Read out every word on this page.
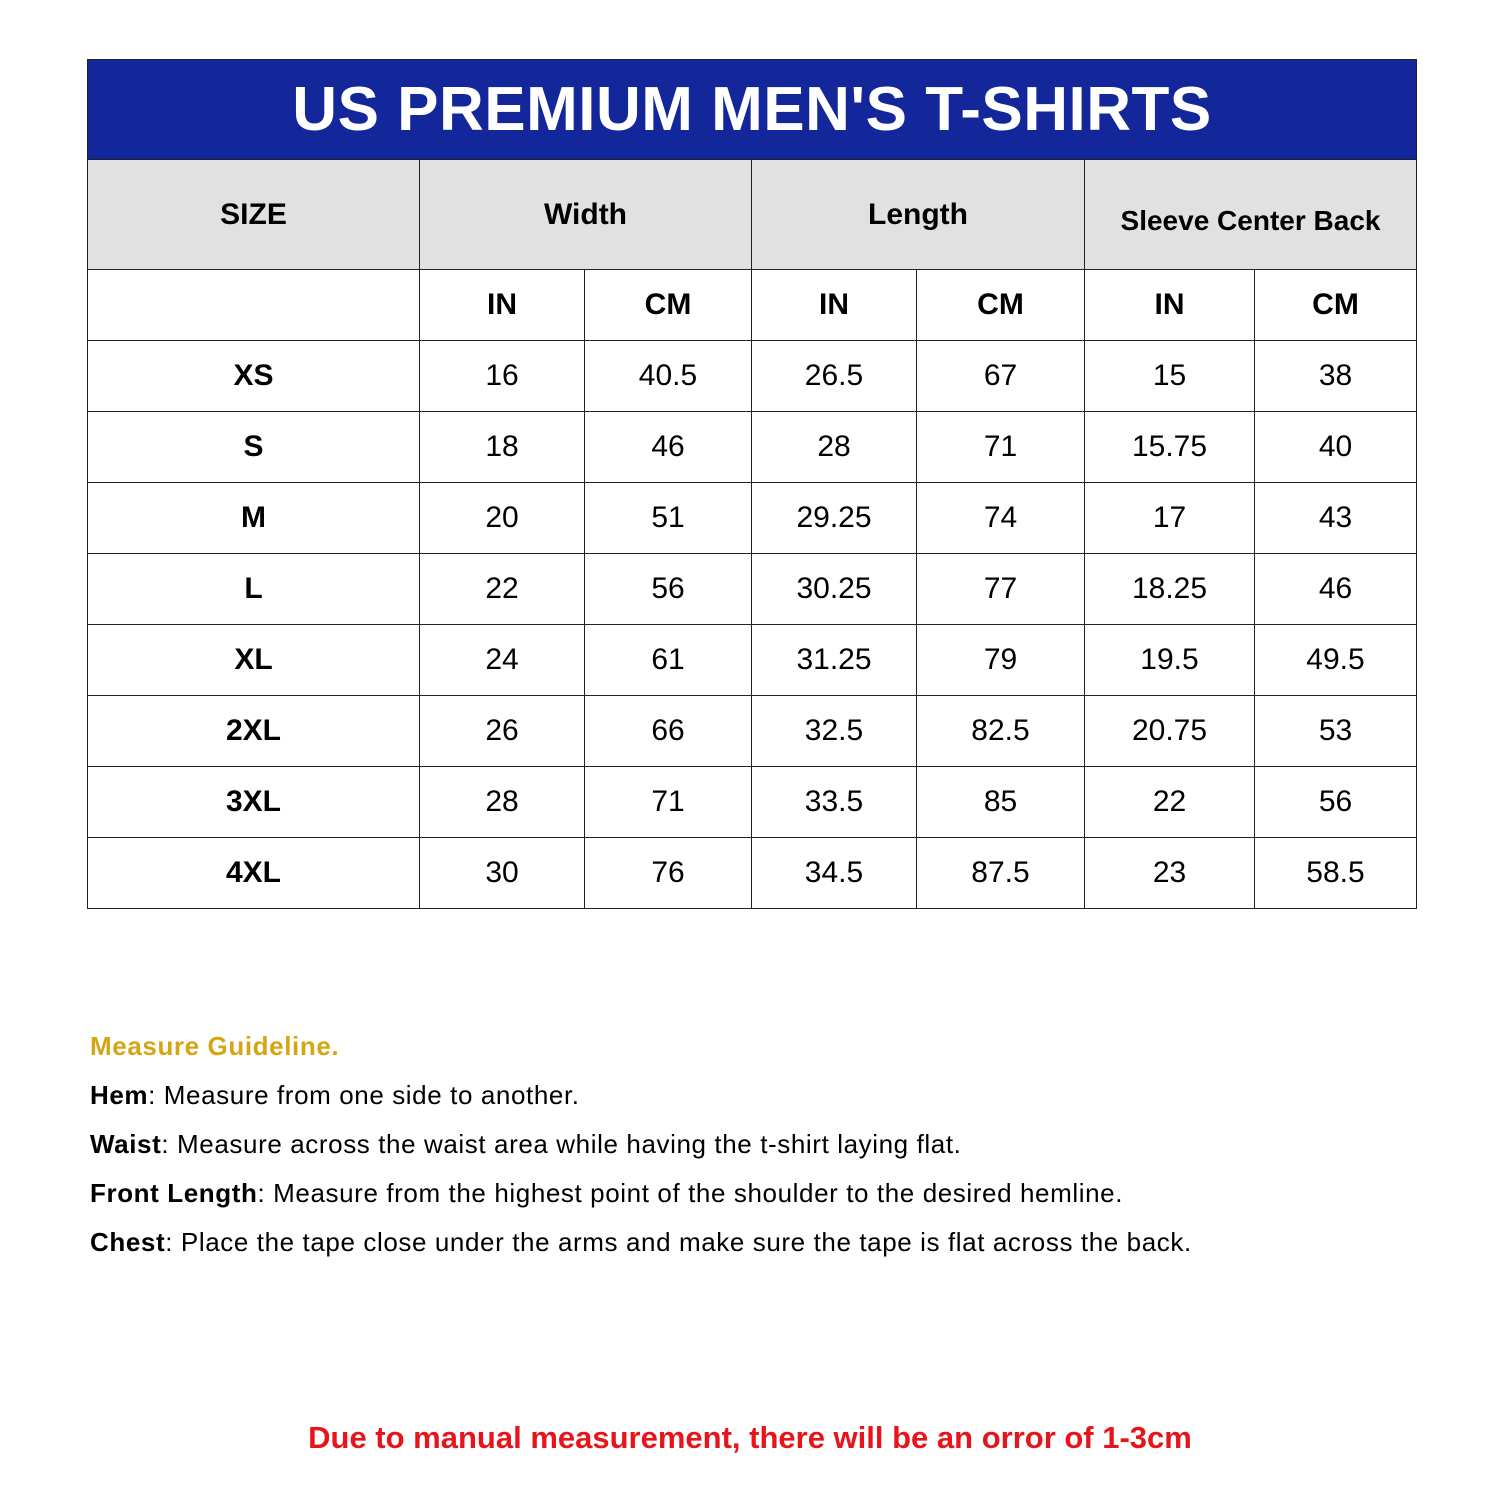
US PREMIUM MEN'S T-SHIRTS						
SIZE	Width		Length		Sleeve Center Back	
	IN	CM	IN	CM	IN	CM
XS	16	40.5	26.5	67	15	38
S	18	46	28	71	15.75	40
M	20	51	29.25	74	17	43
L	22	56	30.25	77	18.25	46
XL	24	61	31.25	79	19.5	49.5
2XL	26	66	32.5	82.5	20.75	53
3XL	28	71	33.5	85	22	56
4XL	30	76	34.5	87.5	23	58.5
Measure Guideline.
Hem: Measure from one side to another.
Waist: Measure across the waist area while having the t-shirt laying flat.
Front Length: Measure from the highest point of the shoulder to the desired hemline.
Chest: Place the tape close under the arms and make sure the tape is flat across the back.
Due to manual measurement, there will be an orror of 1-3cm
